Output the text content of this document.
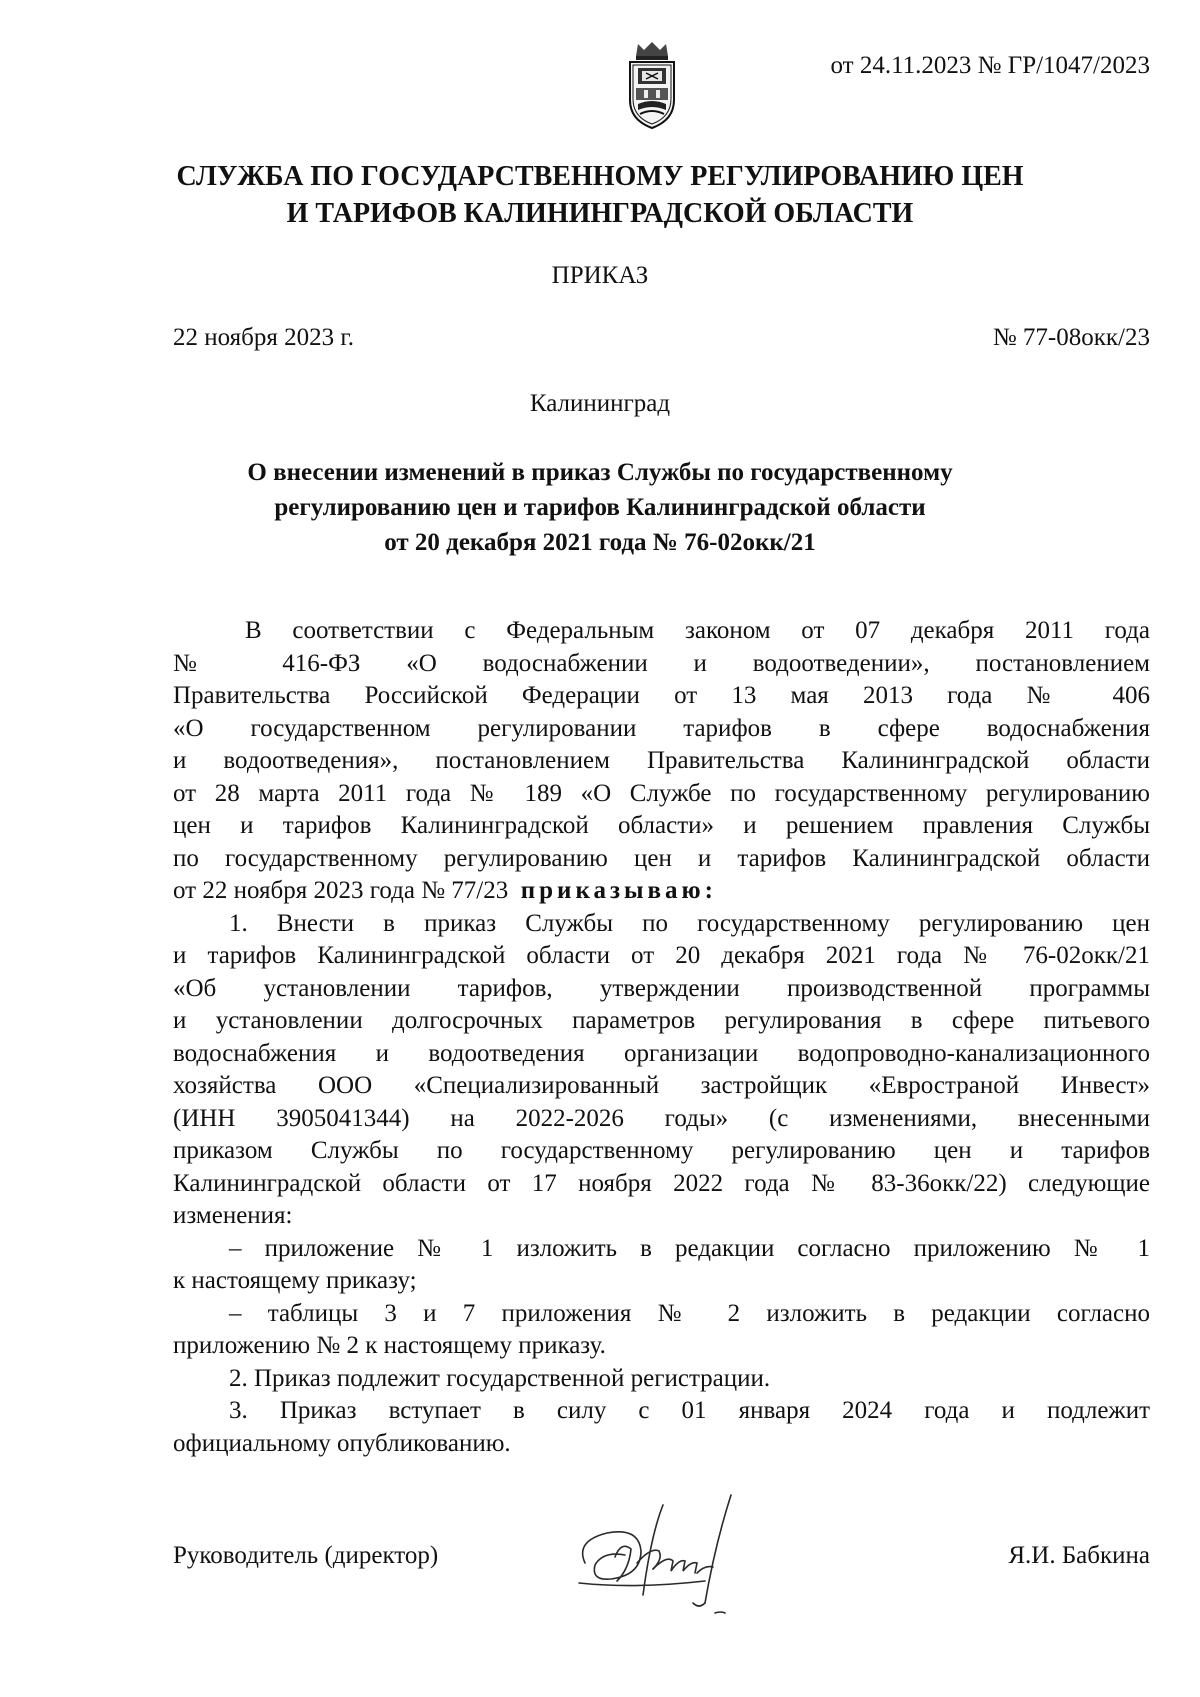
от 24.11.2023 № ГР/1047/2023
СЛУЖБА ПО ГОСУДАРСТВЕННОМУ РЕГУЛИРОВАНИЮ ЦЕН
И ТАРИФОВ КАЛИНИНГРАДСКОЙ ОБЛАСТИ
ПРИКАЗ
22 ноября 2023 г.	№ 77-08окк/23
Калининград
О внесении изменений в приказ Службы по государственному
регулированию цен и тарифов Калининградской области
от 20 декабря 2021 года № 76-02окк/21
В соответствии с Федеральным законом от 07 декабря 2011 года
№ 416-ФЗ «О водоснабжении и водоотведении», постановлением
Правительства Российской Федерации от 13 мая 2013 года № 406
«О государственном регулировании тарифов в сфере водоснабжения
и водоотведения», постановлением Правительства Калининградской области
от 28 марта 2011 года № 189 «О Службе по государственному регулированию
цен и тарифов Калининградской области» и решением правления Службы
по государственному регулированию цен и тарифов Калининградской области
от 22 ноября 2023 года № 77/23 приказываю:
1. Внести в приказ Службы по государственному регулированию цен
и тарифов Калининградской области от 20 декабря 2021 года № 76-02окк/21
«Об установлении тарифов, утверждении производственной программы
и установлении долгосрочных параметров регулирования в сфере питьевого
водоснабжения и водоотведения организации водопроводно-канализационного
хозяйства ООО «Специализированный застройщик «Евространой Инвест»
(ИНН 3905041344) на 2022-2026 годы» (с изменениями, внесенными
приказом Службы по государственному регулированию цен и тарифов
Калининградской области от 17 ноября 2022 года № 83-36окк/22) следующие
изменения:
– приложение № 1 изложить в редакции согласно приложению № 1
к настоящему приказу;
– таблицы 3 и 7 приложения № 2 изложить в редакции согласно
приложению № 2 к настоящему приказу.
2. Приказ подлежит государственной регистрации.
3. Приказ вступает в силу с 01 января 2024 года и подлежит
официальному опубликованию.
Руководитель (директор)	Я.И. Бабкина
